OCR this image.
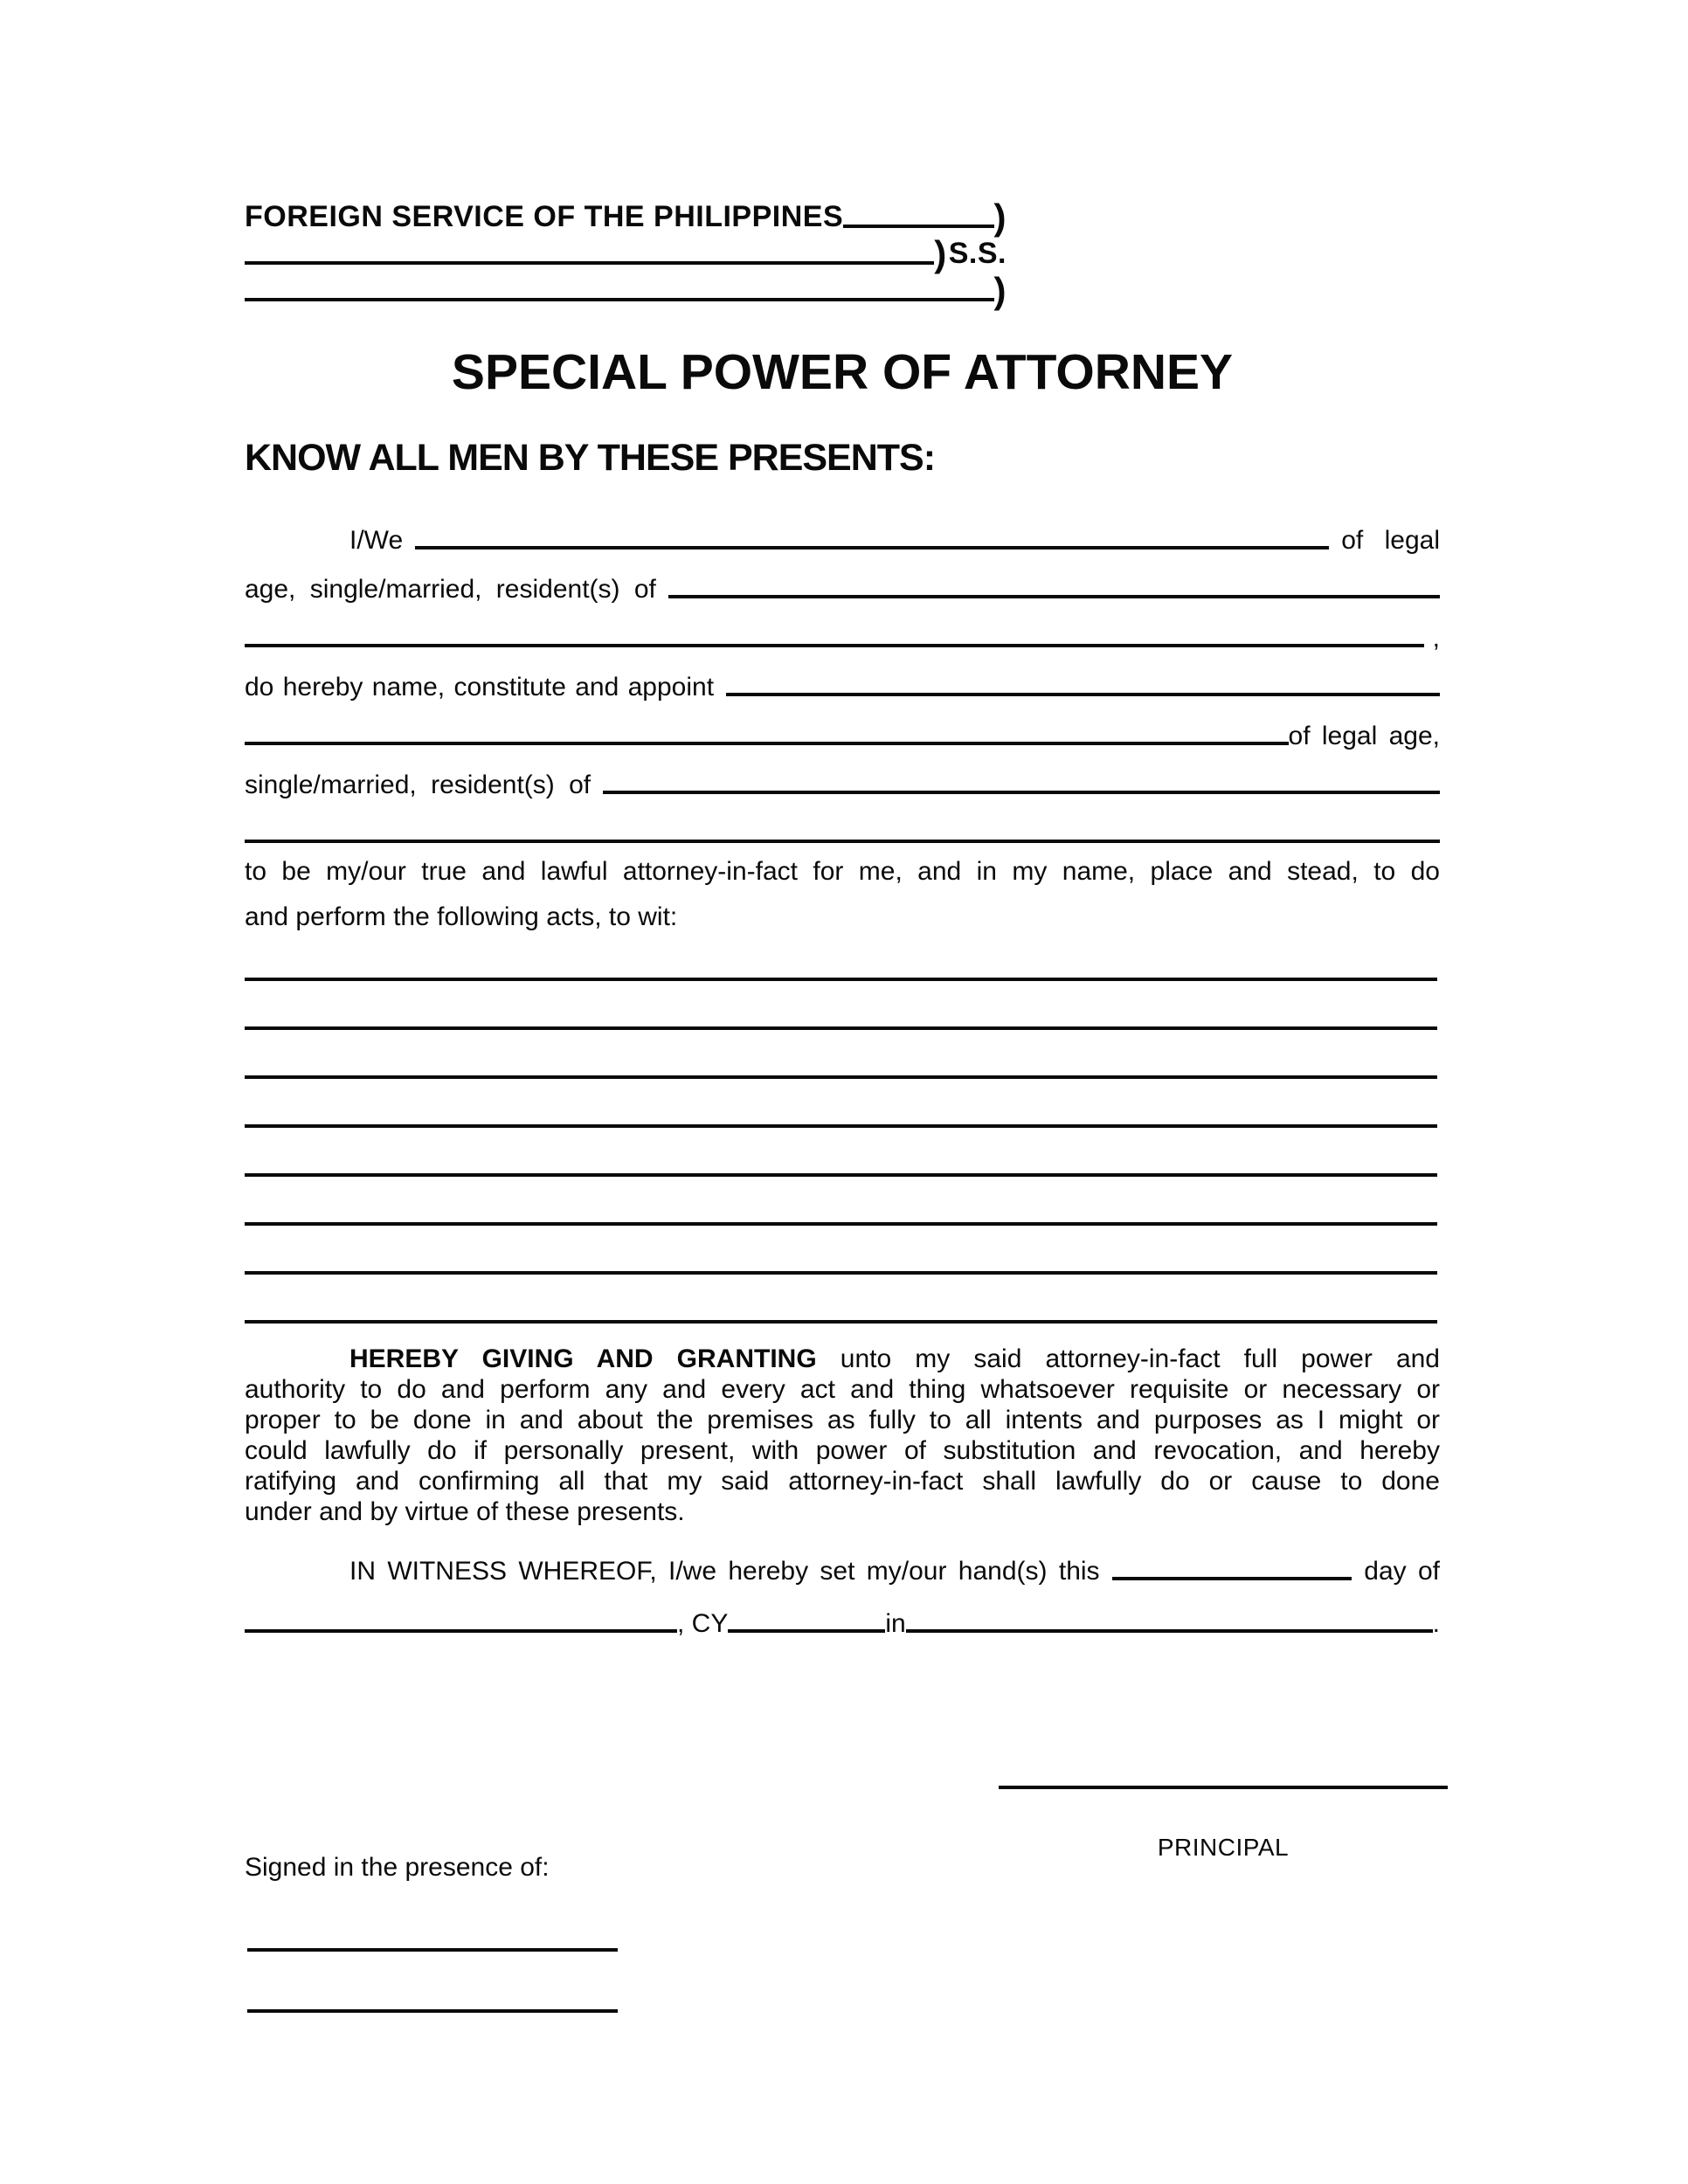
FOREIGN SERVICE OF THE PHILIPPINES	)
) S.S.
)
SPECIAL POWER OF ATTORNEY
KNOW ALL MEN BY THESE PRESENTS:
I/We	of legal
age, single/married, resident(s) of
,
do hereby name, constitute and appoint
of legal age,
single/married, resident(s) of
to be my/our true and lawful attorney-in-fact for me, and in my name, place and stead, to do
and perform the following acts, to wit:
HEREBY GIVING AND GRANTING unto my said attorney-in-fact full power and
authority to do and perform any and every act and thing whatsoever requisite or necessary or
proper to be done in and about the premises as fully to all intents and purposes as I might or
could lawfully do if personally present, with power of substitution and revocation, and hereby
ratifying and confirming all that my said attorney-in-fact shall lawfully do or cause to done
under and by virtue of these presents.
IN WITNESS WHEREOF, I/we hereby set my/our hand(s) this	day of
, CY	in	.
PRINCIPAL
Signed in the presence of:
